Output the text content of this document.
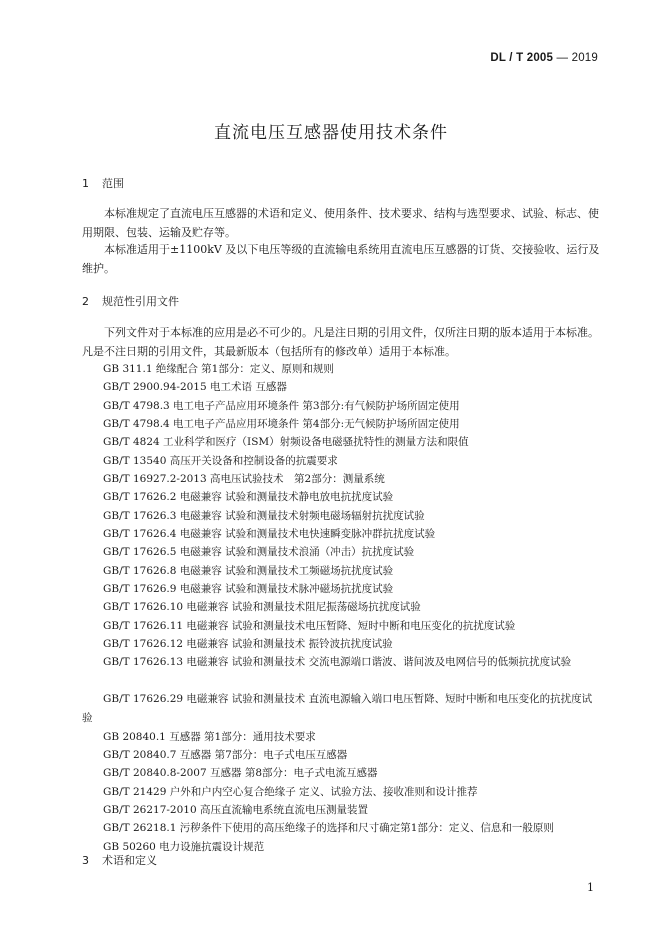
DL / T 2005 — 2019
直流电压互感器使用技术条件
1 范围
本标准规定了直流电压互感器的术语和定义、使用条件、技术要求、结构与选型要求、试验、标志、使用期限、包装、运输及贮存等。
本标准适用于±1100kV 及以下电压等级的直流输电系统用直流电压互感器的订货、交接验收、运行及维护。
2 规范性引用文件
下列文件对于本标准的应用是必不可少的。凡是注日期的引用文件，仅所注日期的版本适用于本标准。凡是不注日期的引用文件，其最新版本（包括所有的修改单）适用于本标准。
GB 311.1 绝缘配合 第1部分：定义、原则和规则
GB/T 2900.94-2015 电工术语 互感器
GB/T 4798.3 电工电子产品应用环境条件 第3部分:有气候防护场所固定使用
GB/T 4798.4 电工电子产品应用环境条件 第4部分:无气候防护场所固定使用
GB/T 4824 工业科学和医疗（ISM）射频设备电磁骚扰特性的测量方法和限值
GB/T 13540 高压开关设备和控制设备的抗震要求
GB/T 16927.2-2013 高电压试验技术　第2部分：测量系统
GB/T 17626.2 电磁兼容 试验和测量技术静电放电抗扰度试验
GB/T 17626.3 电磁兼容 试验和测量技术射频电磁场辐射抗扰度试验
GB/T 17626.4 电磁兼容 试验和测量技术电快速瞬变脉冲群抗扰度试验
GB/T 17626.5 电磁兼容 试验和测量技术浪涌（冲击）抗扰度试验
GB/T 17626.8 电磁兼容 试验和测量技术工频磁场抗扰度试验
GB/T 17626.9 电磁兼容 试验和测量技术脉冲磁场抗扰度试验
GB/T 17626.10 电磁兼容 试验和测量技术阻尼振荡磁场抗扰度试验
GB/T 17626.11 电磁兼容 试验和测量技术电压暂降、短时中断和电压变化的抗扰度试验
GB/T 17626.12 电磁兼容 试验和测量技术 振铃波抗扰度试验
GB/T 17626.13 电磁兼容 试验和测量技术 交流电源端口谐波、谐间波及电网信号的低频抗扰度试验
GB/T 17626.29 电磁兼容 试验和测量技术 直流电源输入端口电压暂降、短时中断和电压变化的抗扰度试验
GB 20840.1 互感器 第1部分：通用技术要求
GB/T 20840.7 互感器 第7部分：电子式电压互感器
GB/T 20840.8-2007 互感器 第8部分：电子式电流互感器
GB/T 21429 户外和户内空心复合绝缘子 定义、试验方法、接收准则和设计推荐
GB/T 26217-2010 高压直流输电系统直流电压测量装置
GB/T 26218.1 污秽条件下使用的高压绝缘子的选择和尺寸确定第1部分：定义、信息和一般原则
GB 50260 电力设施抗震设计规范
3 术语和定义
1
